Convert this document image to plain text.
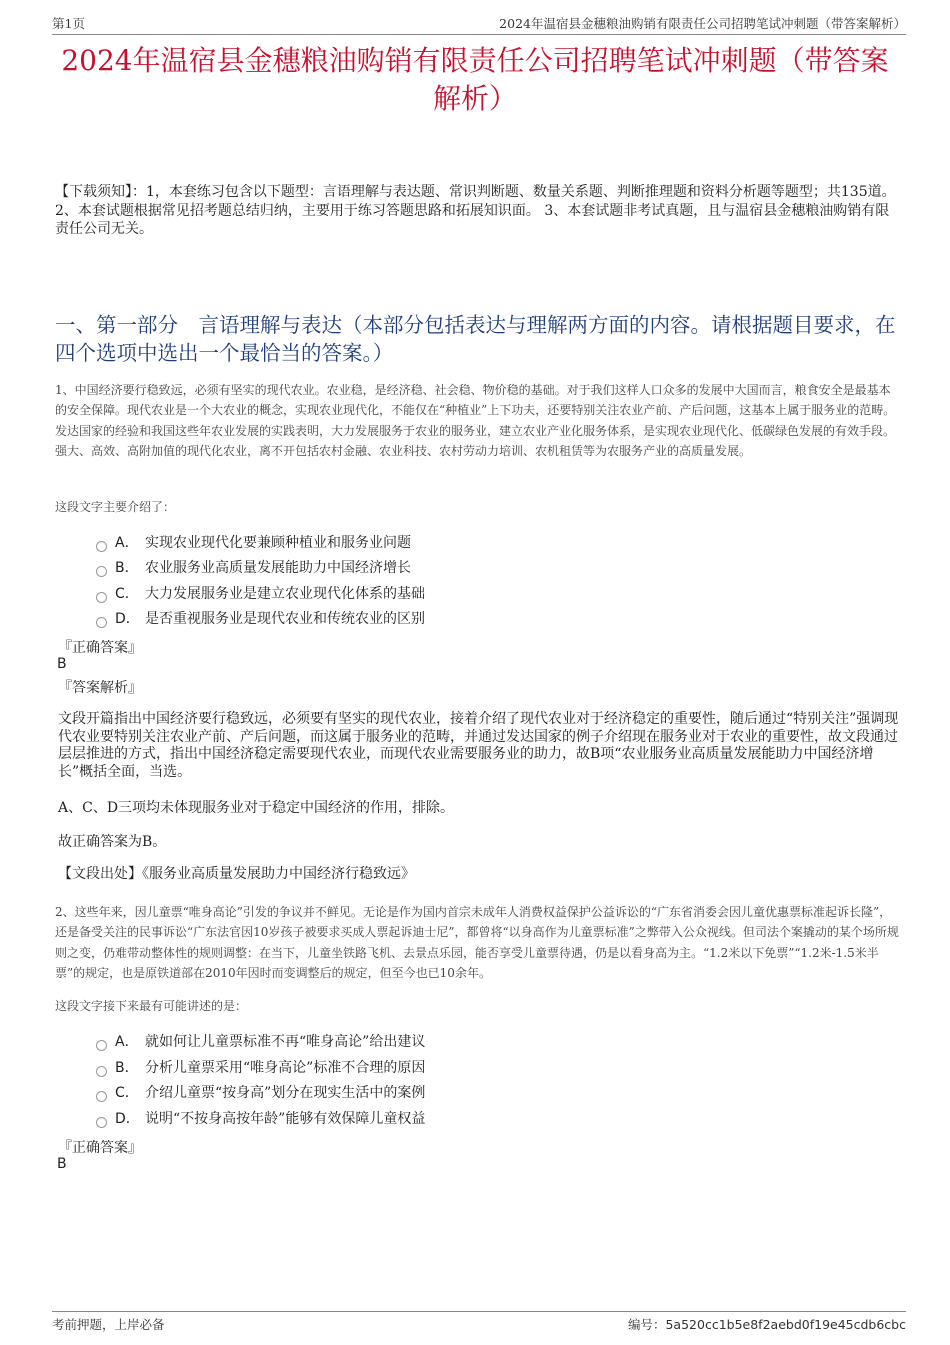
第1页	2024年温宿县金穗粮油购销有限责任公司招聘笔试冲刺题（带答案解析）
2024年温宿县金穗粮油购销有限责任公司招聘笔试冲刺题（带答案解析）
【下载须知】：1，本套练习包含以下题型：言语理解与表达题、常识判断题、数量关系题、判断推理题和资料分析题等题型；共135道。 2、本套试题根据常见招考题总结归纳，主要用于练习答题思路和拓展知识面。 3、本套试题非考试真题，且与温宿县金穗粮油购销有限责任公司无关。
一、第一部分　言语理解与表达（本部分包括表达与理解两方面的内容。请根据题目要求，在四个选项中选出一个最恰当的答案。）
1、中国经济要行稳致远，必须有坚实的现代农业。农业稳，是经济稳、社会稳、物价稳的基础。对于我们这样人口众多的发展中大国而言，粮食安全是最基本的安全保障。现代农业是一个大农业的概念，实现农业现代化，不能仅在“种植业”上下功夫，还要特别关注农业产前、产后问题，这基本上属于服务业的范畴。发达国家的经验和我国这些年农业发展的实践表明，大力发展服务于农业的服务业，建立农业产业化服务体系，是实现农业现代化、低碳绿色发展的有效手段。强大、高效、高附加值的现代化农业，离不开包括农村金融、农业科技、农村劳动力培训、农机租赁等为农服务产业的高质量发展。
这段文字主要介绍了：
A． 实现农业现代化要兼顾种植业和服务业问题
B． 农业服务业高质量发展能助力中国经济增长
C． 大力发展服务业是建立农业现代化体系的基础
D． 是否重视服务业是现代农业和传统农业的区别
『正确答案』
B
『答案解析』
文段开篇指出中国经济要行稳致远，必须要有坚实的现代农业，接着介绍了现代农业对于经济稳定的重要性，随后通过“特别关注”强调现代农业要特别关注农业产前、产后问题，而这属于服务业的范畴，并通过发达国家的例子介绍现在服务业对于农业的重要性，故文段通过层层推进的方式，指出中国经济稳定需要现代农业，而现代农业需要服务业的助力，故B项“农业服务业高质量发展能助力中国经济增长”概括全面，当选。
A、C、D三项均未体现服务业对于稳定中国经济的作用，排除。
故正确答案为B。
【文段出处】《服务业高质量发展助力中国经济行稳致远》
2、这些年来，因儿童票“唯身高论”引发的争议并不鲜见。无论是作为国内首宗未成年人消费权益保护公益诉讼的“广东省消委会因儿童优惠票标准起诉长隆”，还是备受关注的民事诉讼“广东法官因10岁孩子被要求买成人票起诉迪士尼”，都曾将“以身高作为儿童票标准”之弊带入公众视线。但司法个案撬动的某个场所规则之变，仍难带动整体性的规则调整：在当下，儿童坐铁路飞机、去景点乐园，能否享受儿童票待遇，仍是以看身高为主。“1.2米以下免票”“1.2米-1.5米半票”的规定，也是原铁道部在2010年因时而变调整后的规定，但至今也已10余年。
这段文字接下来最有可能讲述的是：
A． 就如何让儿童票标准不再“唯身高论”给出建议
B． 分析儿童票采用“唯身高论”标准不合理的原因
C． 介绍儿童票“按身高”划分在现实生活中的案例
D． 说明“不按身高按年龄”能够有效保障儿童权益
『正确答案』
B
考前押题，上岸必备	编号：5a520cc1b5e8f2aebd0f19e45cdb6cbc
